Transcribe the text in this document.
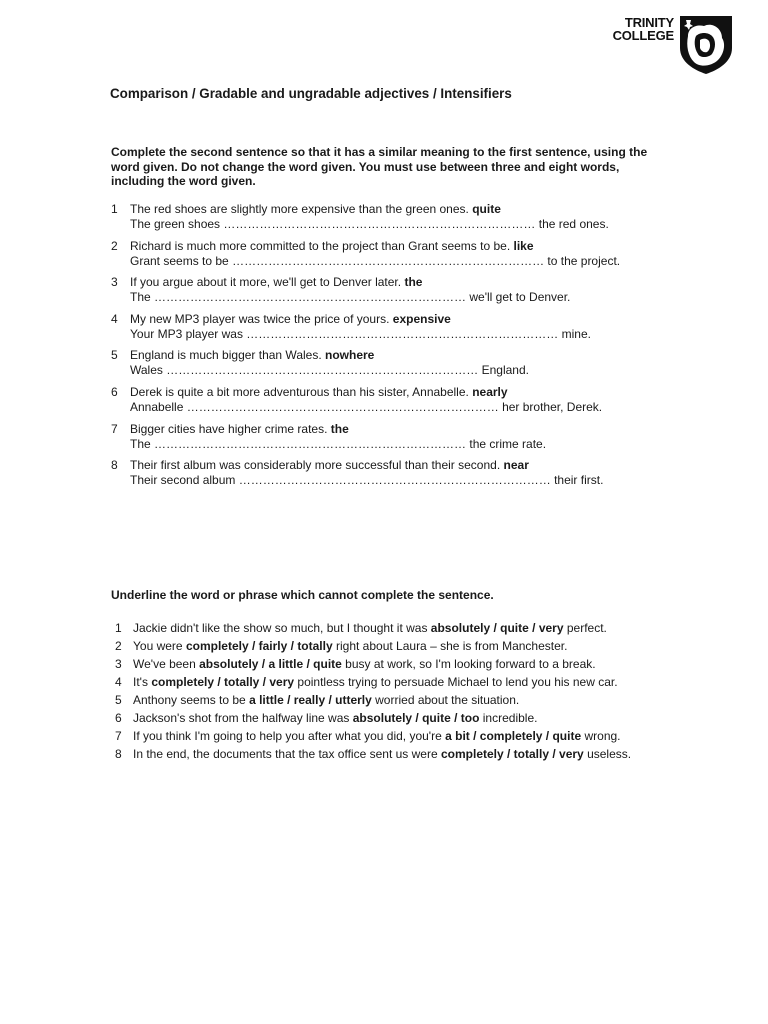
TRINITY
COLLEGE
Comparison / Gradable and ungradable adjectives / Intensifiers
Complete the second sentence so that it has a similar meaning to the first sentence, using the word given. Do not change the word given. You must use between three and eight words, including the word given.
1 The red shoes are slightly more expensive than the green ones. quite
The green shoes …………………………………………………………………… the red ones.
2 Richard is much more committed to the project than Grant seems to be. like
Grant seems to be …………………………………………………………………… to the project.
3 If you argue about it more, we'll get to Denver later. the
The …………………………………………………………………… we'll get to Denver.
4 My new MP3 player was twice the price of yours. expensive
Your MP3 player was …………………………………………………………………… mine.
5 England is much bigger than Wales. nowhere
Wales …………………………………………………………………… England.
6 Derek is quite a bit more adventurous than his sister, Annabelle. nearly
Annabelle …………………………………………………………………… her brother, Derek.
7 Bigger cities have higher crime rates. the
The …………………………………………………………………… the crime rate.
8 Their first album was considerably more successful than their second. near
Their second album …………………………………………………………………… their first.
Underline the word or phrase which cannot complete the sentence.
1 Jackie didn't like the show so much, but I thought it was absolutely / quite / very perfect.
2 You were completely / fairly / totally right about Laura – she is from Manchester.
3 We've been absolutely / a little / quite busy at work, so I'm looking forward to a break.
4 It's completely / totally / very pointless trying to persuade Michael to lend you his new car.
5 Anthony seems to be a little / really / utterly worried about the situation.
6 Jackson's shot from the halfway line was absolutely / quite / too incredible.
7 If you think I'm going to help you after what you did, you're a bit / completely / quite wrong.
8 In the end, the documents that the tax office sent us were completely / totally / very useless.
